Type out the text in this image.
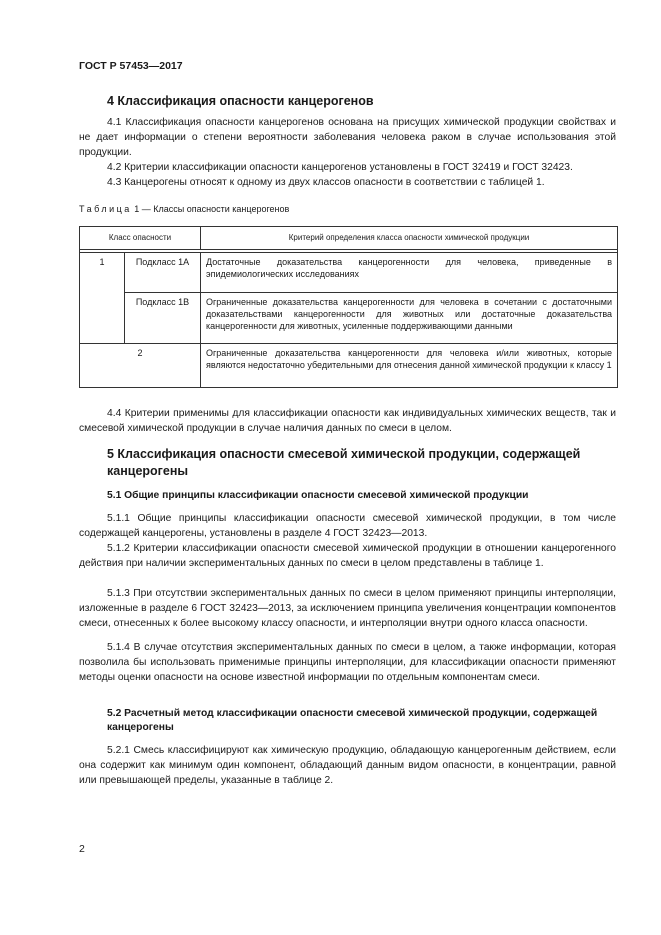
ГОСТ Р 57453—2017
4 Классификация опасности канцерогенов

4.1 Классификация опасности канцерогенов основана на присущих химической продукции свойствах и не дает информации о степени вероятности заболевания человека раком в случае использования этой продукции.

4.2 Критерии классификации опасности канцерогенов установлены в ГОСТ 32419 и ГОСТ 32423.

4.3 Канцерогены относят к одному из двух классов опасности в соответствии с таблицей 1.

Таблица 1 — Классы опасности канцерогенов
Класс опасности		Критерий определения класса опасности химической продукции

1	Подкласс 1А	Достаточные доказательства канцерогенности для человека, приведенные в эпидемиологических исследованиях
	Подкласс 1В	Ограниченные доказательства канцерогенности для человека в сочетании с достаточными доказательствами канцерогенности для животных или достаточные доказательства канцерогенности для животных, усиленные поддерживающими данными
2		Ограниченные доказательства канцерогенности для человека и/или животных, которые являются недостаточно убедительными для отнесения данной химической продукции к классу 1

4.4 Критерии применимы для классификации опасности как индивидуальных химических веществ, так и смесевой химической продукции в случае наличия данных по смеси в целом.

5 Классификация опасности смесевой химической продукции, содержащей канцерогены
5.1 Общие принципы классификации опасности смесевой химической продукции

5.1.1 Общие принципы классификации опасности смесевой химической продукции, в том числе содержащей канцерогены, установлены в разделе 4 ГОСТ 32423—2013.

5.1.2 Критерии классификации опасности смесевой химической продукции в отношении канцерогенного действия при наличии экспериментальных данных по смеси в целом представлены в таблице 1.

5.1.3 При отсутствии экспериментальных данных по смеси в целом применяют принципы интерполяции, изложенные в разделе 6 ГОСТ 32423—2013, за исключением принципа увеличения концентрации компонентов смеси, отнесенных к более высокому классу опасности, и интерполяции внутри одного класса опасности.

5.1.4 В случае отсутствия экспериментальных данных по смеси в целом, а также информации, которая позволила бы использовать применимые принципы интерполяции, для классификации опасности применяют методы оценки опасности на основе известной информации по отдельным компонентам смеси.

5.2 Расчетный метод классификации опасности смесевой химической продукции, содержащей канцерогены

5.2.1 Смесь классифицируют как химическую продукцию, обладающую канцерогенным действием, если она содержит как минимум один компонент, обладающий данным видом опасности, в концентрации, равной или превышающей пределы, указанные в таблице 2.

2
